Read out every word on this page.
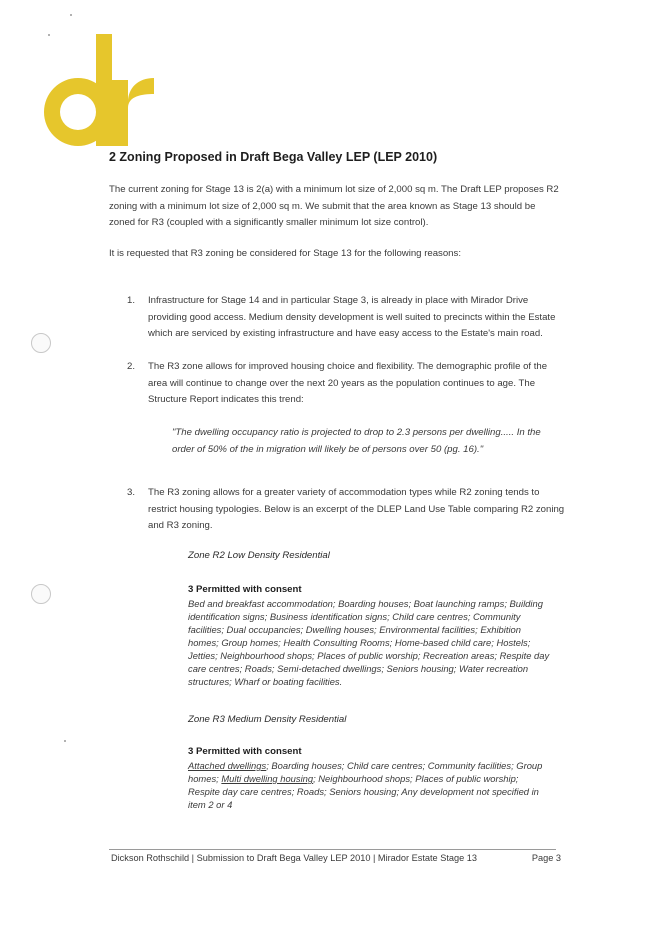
2 Zoning Proposed in Draft Bega Valley LEP (LEP 2010)
The current zoning for Stage 13 is 2(a) with a minimum lot size of 2,000 sq m. The Draft LEP proposes R2 zoning with a minimum lot size of 2,000 sq m. We submit that the area known as Stage 13 should be zoned for R3 (coupled with a significantly smaller minimum lot size control).
It is requested that R3 zoning be considered for Stage 13 for the following reasons:
1.	Infrastructure for Stage 14 and in particular Stage 3, is already in place with Mirador Drive providing good access. Medium density development is well suited to precincts within the Estate which are serviced by existing infrastructure and have easy access to the Estate's main road.
2.	The R3 zone allows for improved housing choice and flexibility. The demographic profile of the area will continue to change over the next 20 years as the population continues to age. The Structure Report indicates this trend:
"The dwelling occupancy ratio is projected to drop to 2.3 persons per dwelling..... In the order of 50% of the in migration will likely be of persons over 50 (pg. 16)."
3.	The R3 zoning allows for a greater variety of accommodation types while R2 zoning tends to restrict housing typologies. Below is an excerpt of the DLEP Land Use Table comparing R2 zoning and R3 zoning.
Zone R2 Low Density Residential
3 Permitted with consent
Bed and breakfast accommodation; Boarding houses; Boat launching ramps; Building identification signs; Business identification signs; Child care centres; Community facilities; Dual occupancies; Dwelling houses; Environmental facilities; Exhibition homes; Group homes; Health Consulting Rooms; Home-based child care; Hostels; Jetties; Neighbourhood shops; Places of public worship; Recreation areas; Respite day care centres; Roads; Semi-detached dwellings; Seniors housing; Water recreation structures; Wharf or boating facilities.
Zone R3 Medium Density Residential
3 Permitted with consent
Attached dwellings; Boarding houses; Child care centres; Community facilities; Group homes; Multi dwelling housing; Neighbourhood shops; Places of public worship; Respite day care centres; Roads; Seniors housing; Any development not specified in item 2 or 4
Dickson Rothschild | Submission to Draft Bega Valley LEP 2010 | Mirador Estate Stage 13	Page 3
